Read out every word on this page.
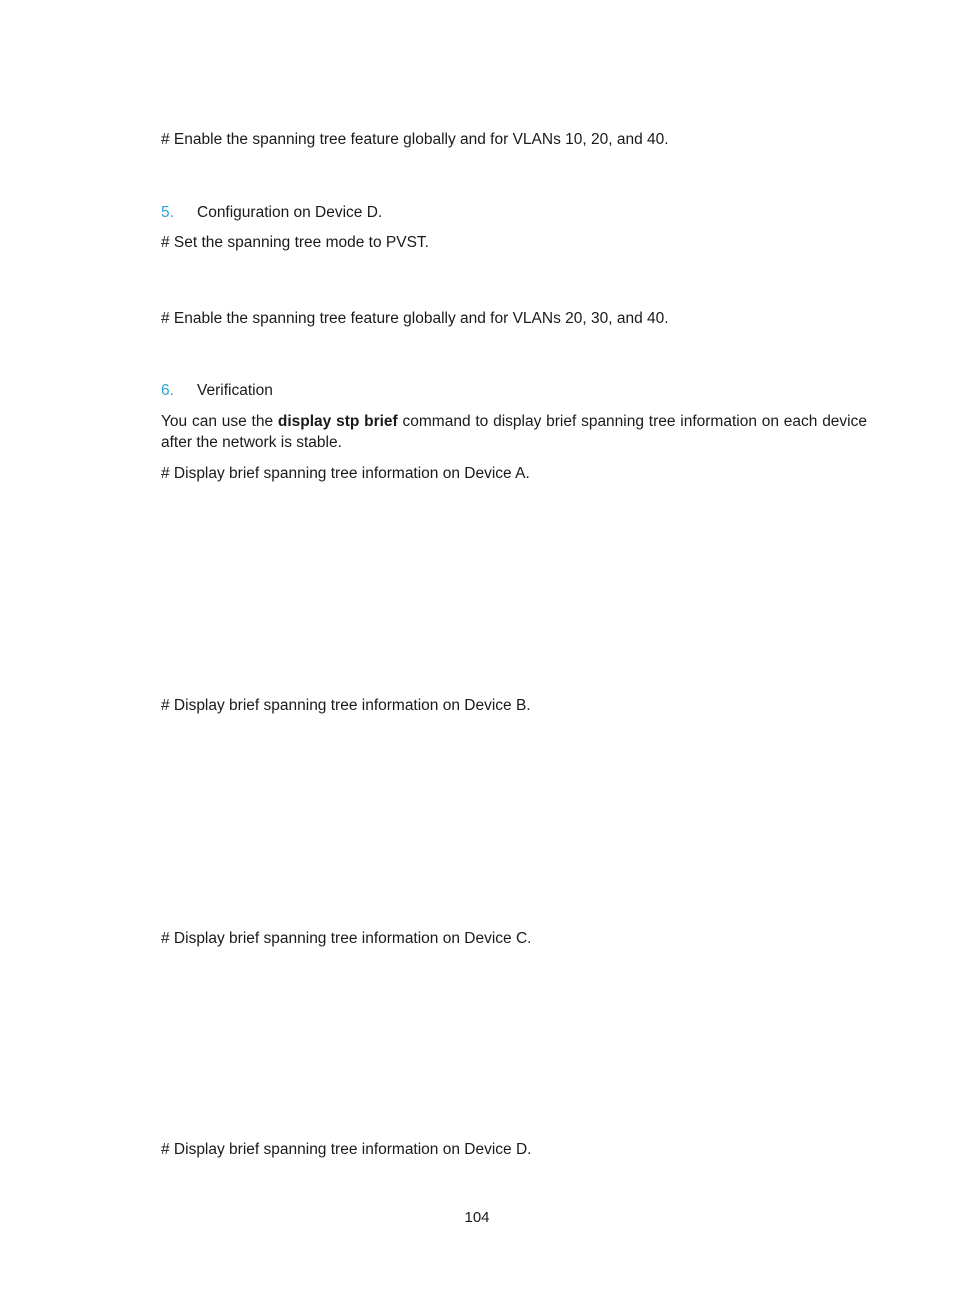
# Enable the spanning tree feature globally and for VLANs 10, 20, and 40.

5. Configuration on Device D.

# Set the spanning tree mode to PVST.

# Enable the spanning tree feature globally and for VLANs 20, 30, and 40.

6. Verification

You can use the display stp brief command to display brief spanning tree information on each device after the network is stable.

# Display brief spanning tree information on Device A.

# Display brief spanning tree information on Device B.

# Display brief spanning tree information on Device C.

# Display brief spanning tree information on Device D.

104
